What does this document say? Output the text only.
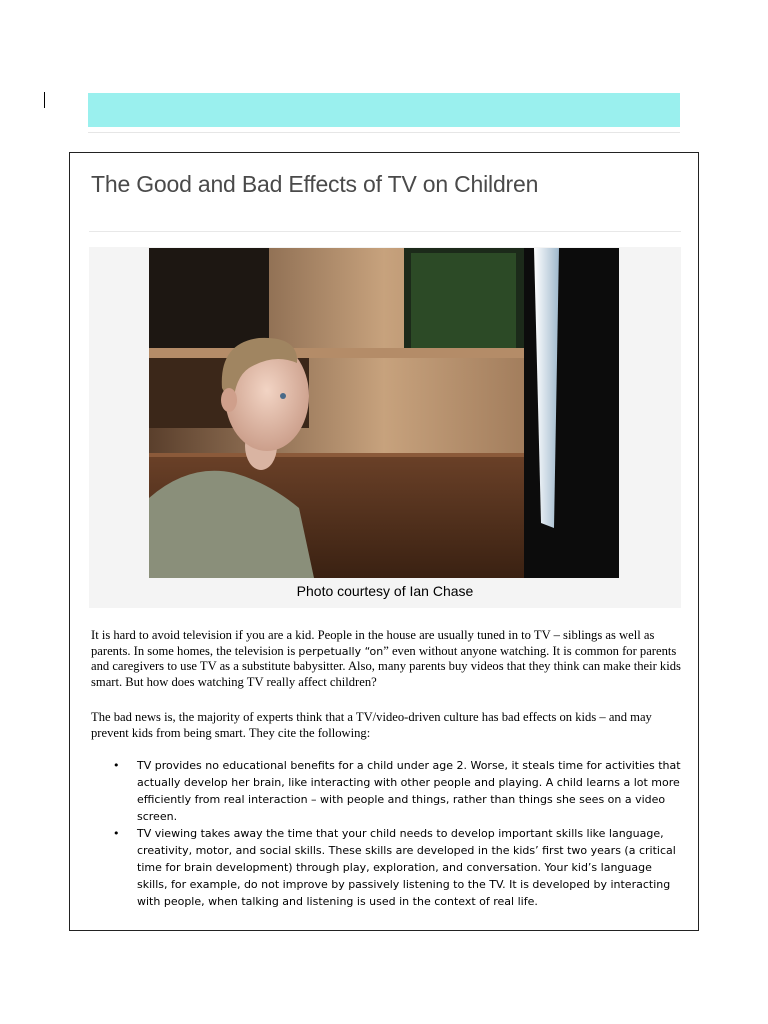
The Good and Bad Effects of TV on Children
Photo courtesy of Ian Chase

It is hard to avoid television if you are a kid. People in the house are usually tuned in to TV – siblings as well as parents. In some homes, the television is perpetually “on” even without anyone watching. It is common for parents and caregivers to use TV as a substitute babysitter. Also, many parents buy videos that they think can make their kids smart. But how does watching TV really affect children?

The bad news is, the majority of experts think that a TV/video-driven culture has bad effects on kids – and may prevent kids from being smart. They cite the following:

• TV provides no educational benefits for a child under age 2. Worse, it steals time for activities that actually develop her brain, like interacting with other people and playing. A child learns a lot more efficiently from real interaction – with people and things, rather than things she sees on a video screen.
• TV viewing takes away the time that your child needs to develop important skills like language, creativity, motor, and social skills. These skills are developed in the kids’ first two years (a critical time for brain development) through play, exploration, and conversation. Your kid’s language skills, for example, do not improve by passively listening to the TV. It is developed by interacting with people, when talking and listening is used in the context of real life.
